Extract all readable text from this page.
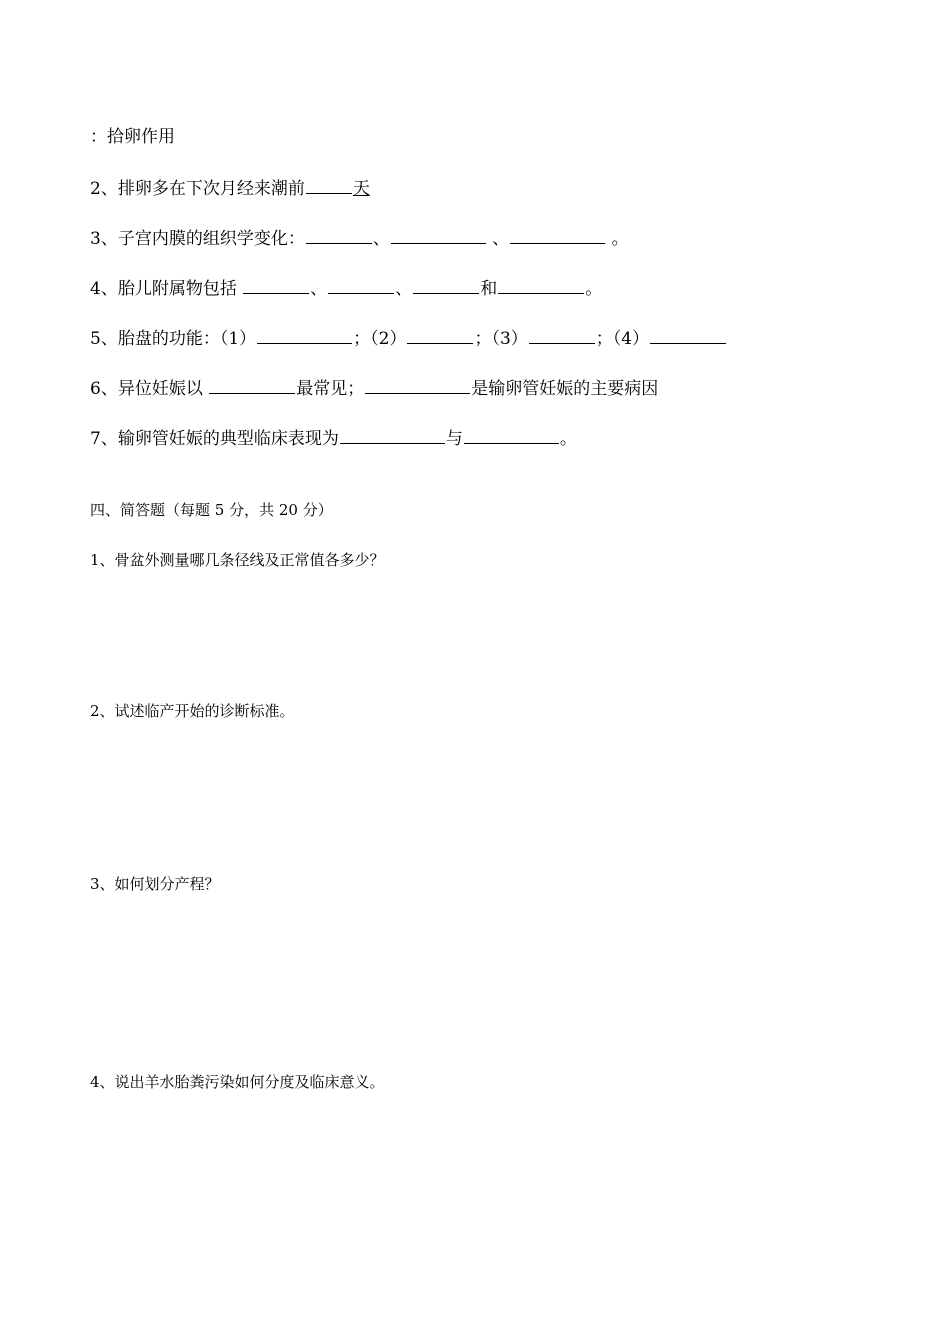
：拾卵作用
2、排卵多在下次月经来潮前	天
3、子宫内膜的组织学变化：	、	、	。
4、胎儿附属物包括	、	、	和	。
5、胎盘的功能：（1）	；（2）	；（3）	；（4）
6、异位妊娠以	最常见；	是输卵管妊娠的主要病因
7、输卵管妊娠的典型临床表现为	与	。
四、简答题（每题 5 分，共 20 分）
1、骨盆外测量哪几条径线及正常值各多少？
2、试述临产开始的诊断标准。
3、如何划分产程？
4、说出羊水胎粪污染如何分度及临床意义。
